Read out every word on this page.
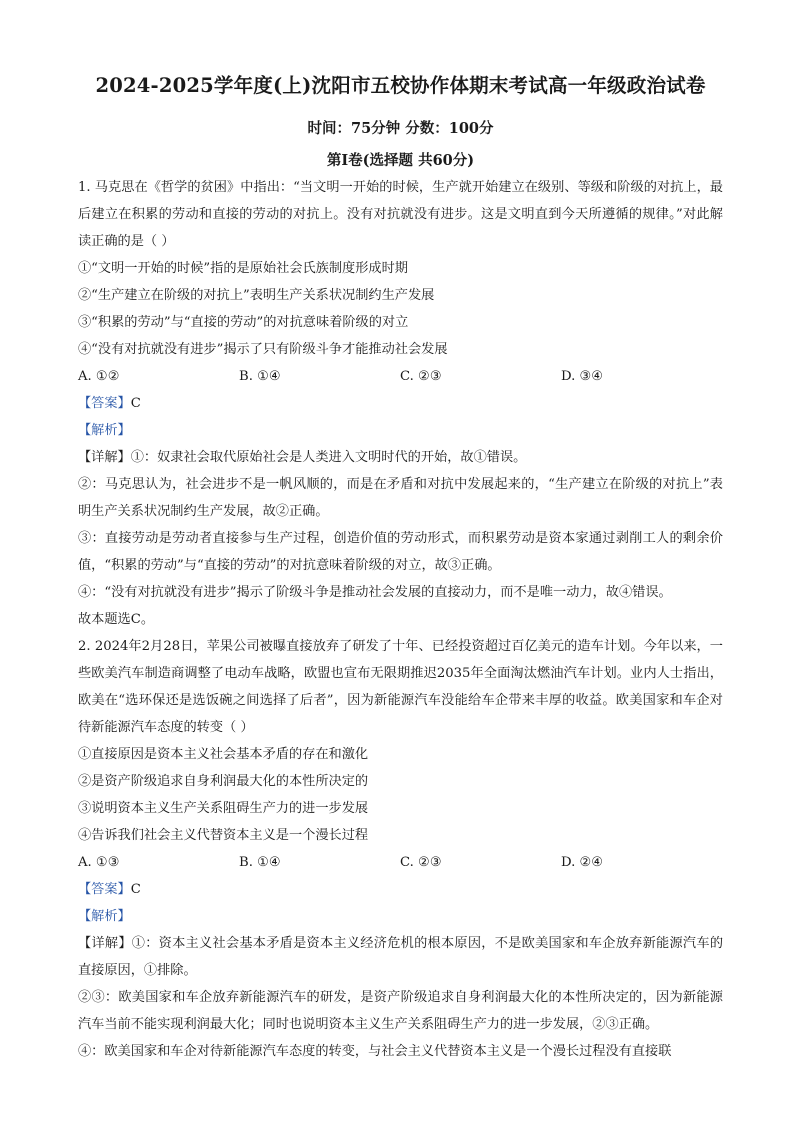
2024-2025学年度(上)沈阳市五校协作体期末考试高一年级政治试卷
时间：75分钟 分数：100分
第Ⅰ卷(选择题 共60分)

1. 马克思在《哲学的贫困》中指出：“当文明一开始的时候，生产就开始建立在级别、等级和阶级的对抗上，最后建立在积累的劳动和直接的劳动的对抗上。没有对抗就没有进步。这是文明直到今天所遵循的规律。”对此解读正确的是（ ）

①“文明一开始的时候”指的是原始社会氏族制度形成时期

②“生产建立在阶级的对抗上”表明生产关系状况制约生产发展

③“积累的劳动”与“直接的劳动”的对抗意味着阶级的对立

④“没有对抗就没有进步”揭示了只有阶级斗争才能推动社会发展

A. ①②	B. ①④	C. ②③	D. ③④

【答案】C

【解析】

【详解】①：奴隶社会取代原始社会是人类进入文明时代的开始，故①错误。

②：马克思认为，社会进步不是一帆风顺的，而是在矛盾和对抗中发展起来的，“生产建立在阶级的对抗上”表明生产关系状况制约生产发展，故②正确。

③：直接劳动是劳动者直接参与生产过程，创造价值的劳动形式，而积累劳动是资本家通过剥削工人的剩余价值，“积累的劳动”与“直接的劳动”的对抗意味着阶级的对立，故③正确。

④：“没有对抗就没有进步”揭示了阶级斗争是推动社会发展的直接动力，而不是唯一动力，故④错误。

故本题选C。

2. 2024年2月28日，苹果公司被曝直接放弃了研发了十年、已经投资超过百亿美元的造车计划。今年以来，一些欧美汽车制造商调整了电动车战略，欧盟也宣布无限期推迟2035年全面淘汰燃油汽车计划。业内人士指出，欧美在“选环保还是选饭碗之间选择了后者”，因为新能源汽车没能给车企带来丰厚的收益。欧美国家和车企对待新能源汽车态度的转变（ ）

①直接原因是资本主义社会基本矛盾的存在和激化

②是资产阶级追求自身利润最大化的本性所决定的

③说明资本主义生产关系阻碍生产力的进一步发展

④告诉我们社会主义代替资本主义是一个漫长过程

A. ①③	B. ①④	C. ②③	D. ②④

【答案】C

【解析】

【详解】①：资本主义社会基本矛盾是资本主义经济危机的根本原因，不是欧美国家和车企放弃新能源汽车的直接原因，①排除。

②③：欧美国家和车企放弃新能源汽车的研发，是资产阶级追求自身利润最大化的本性所决定的，因为新能源汽车当前不能实现利润最大化；同时也说明资本主义生产关系阻碍生产力的进一步发展，②③正确。

④：欧美国家和车企对待新能源汽车态度的转变，与社会主义代替资本主义是一个漫长过程没有直接联
